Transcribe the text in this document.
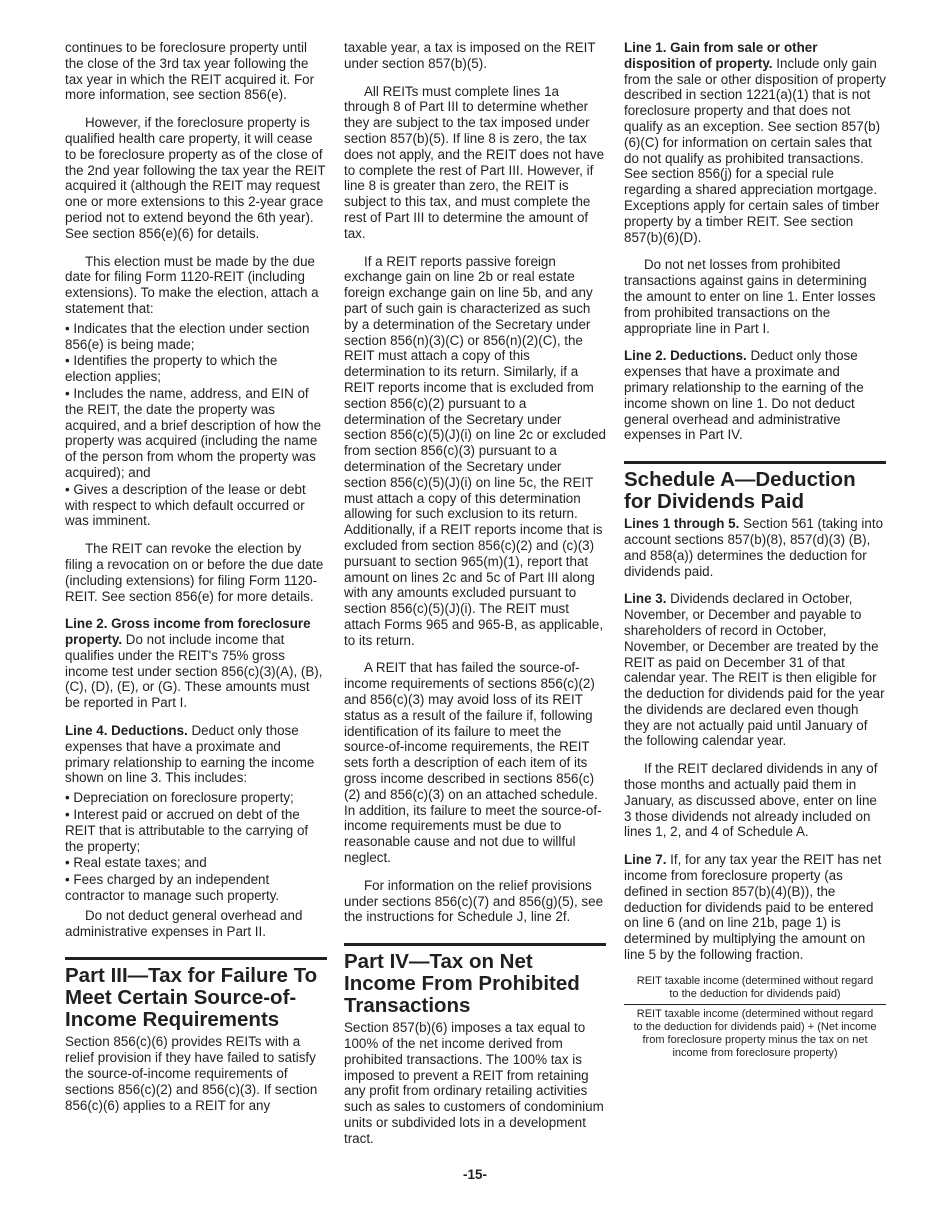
continues to be foreclosure property until the close of the 3rd tax year following the tax year in which the REIT acquired it. For more information, see section 856(e).

However, if the foreclosure property is qualified health care property, it will cease to be foreclosure property as of the close of the 2nd year following the tax year the REIT acquired it (although the REIT may request one or more extensions to this 2-year grace period not to extend beyond the 6th year). See section 856(e)(6) for details.

This election must be made by the due date for filing Form 1120-REIT (including extensions). To make the election, attach a statement that:

• Indicates that the election under section 856(e) is being made;
• Identifies the property to which the election applies;
• Includes the name, address, and EIN of the REIT, the date the property was acquired, and a brief description of how the property was acquired (including the name of the person from whom the property was acquired); and
• Gives a description of the lease or debt with respect to which default occurred or was imminent.

The REIT can revoke the election by filing a revocation on or before the due date (including extensions) for filing Form 1120-REIT. See section 856(e) for more details.

Line 2. Gross income from foreclosure property. Do not include income that qualifies under the REIT's 75% gross income test under section 856(c)(3)(A), (B), (C), (D), (E), or (G). These amounts must be reported in Part I.

Line 4. Deductions. Deduct only those expenses that have a proximate and primary relationship to earning the income shown on line 3. This includes:

• Depreciation on foreclosure property;
• Interest paid or accrued on debt of the REIT that is attributable to the carrying of the property;
• Real estate taxes; and
• Fees charged by an independent contractor to manage such property.

Do not deduct general overhead and administrative expenses in Part II.

Part III—Tax for Failure To Meet Certain Source-of-Income Requirements

Section 856(c)(6) provides REITs with a relief provision if they have failed to satisfy the source-of-income requirements of sections 856(c)(2) and 856(c)(3). If section 856(c)(6) applies to a REIT for any

taxable year, a tax is imposed on the REIT under section 857(b)(5).

All REITs must complete lines 1a through 8 of Part III to determine whether they are subject to the tax imposed under section 857(b)(5). If line 8 is zero, the tax does not apply, and the REIT does not have to complete the rest of Part III. However, if line 8 is greater than zero, the REIT is subject to this tax, and must complete the rest of Part III to determine the amount of tax.

If a REIT reports passive foreign exchange gain on line 2b or real estate foreign exchange gain on line 5b, and any part of such gain is characterized as such by a determination of the Secretary under section 856(n)(3)(C) or 856(n)(2)(C), the REIT must attach a copy of this determination to its return. Similarly, if a REIT reports income that is excluded from section 856(c)(2) pursuant to a determination of the Secretary under section 856(c)(5)(J)(i) on line 2c or excluded from section 856(c)(3) pursuant to a determination of the Secretary under section 856(c)(5)(J)(i) on line 5c, the REIT must attach a copy of this determination allowing for such exclusion to its return. Additionally, if a REIT reports income that is excluded from section 856(c)(2) and (c)(3) pursuant to section 965(m)(1), report that amount on lines 2c and 5c of Part III along with any amounts excluded pursuant to section 856(c)(5)(J)(i). The REIT must attach Forms 965 and 965-B, as applicable, to its return.

A REIT that has failed the source-of-income requirements of sections 856(c)(2) and 856(c)(3) may avoid loss of its REIT status as a result of the failure if, following identification of its failure to meet the source-of-income requirements, the REIT sets forth a description of each item of its gross income described in sections 856(c)(2) and 856(c)(3) on an attached schedule. In addition, its failure to meet the source-of-income requirements must be due to reasonable cause and not due to willful neglect.

For information on the relief provisions under sections 856(c)(7) and 856(g)(5), see the instructions for Schedule J, line 2f.

Part IV—Tax on Net Income From Prohibited Transactions

Section 857(b)(6) imposes a tax equal to 100% of the net income derived from prohibited transactions. The 100% tax is imposed to prevent a REIT from retaining any profit from ordinary retailing activities such as sales to customers of condominium units or subdivided lots in a development tract.

Line 1. Gain from sale or other disposition of property. Include only gain from the sale or other disposition of property described in section 1221(a)(1) that is not foreclosure property and that does not qualify as an exception. See section 857(b)(6)(C) for information on certain sales that do not qualify as prohibited transactions. See section 856(j) for a special rule regarding a shared appreciation mortgage. Exceptions apply for certain sales of timber property by a timber REIT. See section 857(b)(6)(D).

Do not net losses from prohibited transactions against gains in determining the amount to enter on line 1. Enter losses from prohibited transactions on the appropriate line in Part I.

Line 2. Deductions. Deduct only those expenses that have a proximate and primary relationship to the earning of the income shown on line 1. Do not deduct general overhead and administrative expenses in Part IV.

Schedule A—Deduction for Dividends Paid

Lines 1 through 5. Section 561 (taking into account sections 857(b)(8), 857(d)(3) (B), and 858(a)) determines the deduction for dividends paid.

Line 3. Dividends declared in October, November, or December and payable to shareholders of record in October, November, or December are treated by the REIT as paid on December 31 of that calendar year. The REIT is then eligible for the deduction for dividends paid for the year the dividends are declared even though they are not actually paid until January of the following calendar year.

If the REIT declared dividends in any of those months and actually paid them in January, as discussed above, enter on line 3 those dividends not already included on lines 1, 2, and 4 of Schedule A.

Line 7. If, for any tax year the REIT has net income from foreclosure property (as defined in section 857(b)(4)(B)), the deduction for dividends paid to be entered on line 6 (and on line 21b, page 1) is determined by multiplying the amount on line 5 by the following fraction.

REIT taxable income (determined without regard to the deduction for dividends paid)
REIT taxable income (determined without regard to the deduction for dividends paid) + (Net income from foreclosure property minus the tax on net income from foreclosure property)
-15-
